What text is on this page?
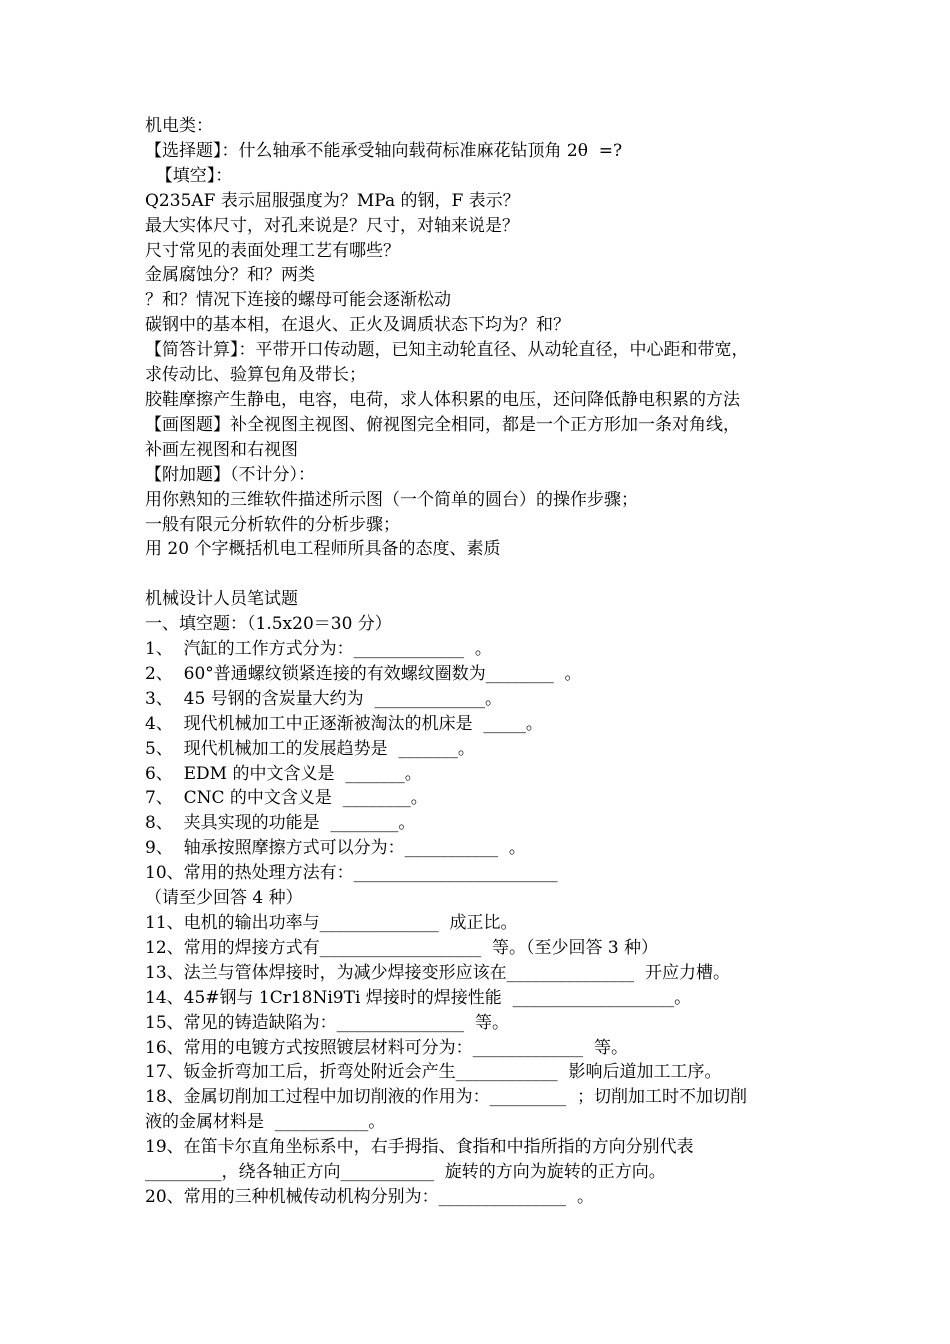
机电类：
【选择题】：什么轴承不能承受轴向载荷标准麻花钻顶角 2θ  =?
【填空】：
Q235AF 表示屈服强度为？MPa 的钢，F 表示？
最大实体尺寸，对孔来说是？尺寸，对轴来说是？
尺寸常见的表面处理工艺有哪些？
金属腐蚀分？和？两类
？和？情况下连接的螺母可能会逐渐松动
碳钢中的基本相，在退火、正火及调质状态下均为？和？
【简答计算】：平带开口传动题，已知主动轮直径、从动轮直径，中心距和带宽，
求传动比、验算包角及带长；
胶鞋摩擦产生静电，电容，电荷，求人体积累的电压，还问降低静电积累的方法
【画图题】补全视图主视图、俯视图完全相同，都是一个正方形加一条对角线，
补画左视图和右视图
【附加题】（不计分）：
用你熟知的三维软件描述所示图（一个简单的圆台）的操作步骤；
一般有限元分析软件的分析步骤；
用 20 个字概括机电工程师所具备的态度、素质
机械设计人员笔试题
一、填空题：（1.5x20＝30 分）
1、  汽缸的工作方式分为：_____________  。
2、  60°普通螺纹锁紧连接的有效螺纹圈数为________  。
3、  45 号钢的含炭量大约为  _____________。
4、  现代机械加工中正逐渐被淘汰的机床是  _____。
5、  现代机械加工的发展趋势是  _______。
6、  EDM 的中文含义是  _______。
7、  CNC 的中文含义是  ________。
8、  夹具实现的功能是  ________。
9、  轴承按照摩擦方式可以分为：___________  。
10、常用的热处理方法有：________________________
（请至少回答 4 种）
11、电机的输出功率与______________  成正比。
12、常用的焊接方式有___________________  等。（至少回答 3 种）
13、法兰与管体焊接时，为减少焊接变形应该在_______________  开应力槽。
14、45#钢与 1Cr18Ni9Ti 焊接时的焊接性能  ___________________。
15、常见的铸造缺陷为：_______________  等。
16、常用的电镀方式按照镀层材料可分为：_____________  等。
17、钣金折弯加工后，折弯处附近会产生____________  影响后道加工工序。
18、金属切削加工过程中加切削液的作用为：_________  ；切削加工时不加切削
液的金属材料是  ___________。
19、在笛卡尔直角坐标系中，右手拇指、食指和中指所指的方向分别代表
_________，绕各轴正方向___________  旋转的方向为旋转的正方向。
20、常用的三种机械传动机构分别为：_______________  。
